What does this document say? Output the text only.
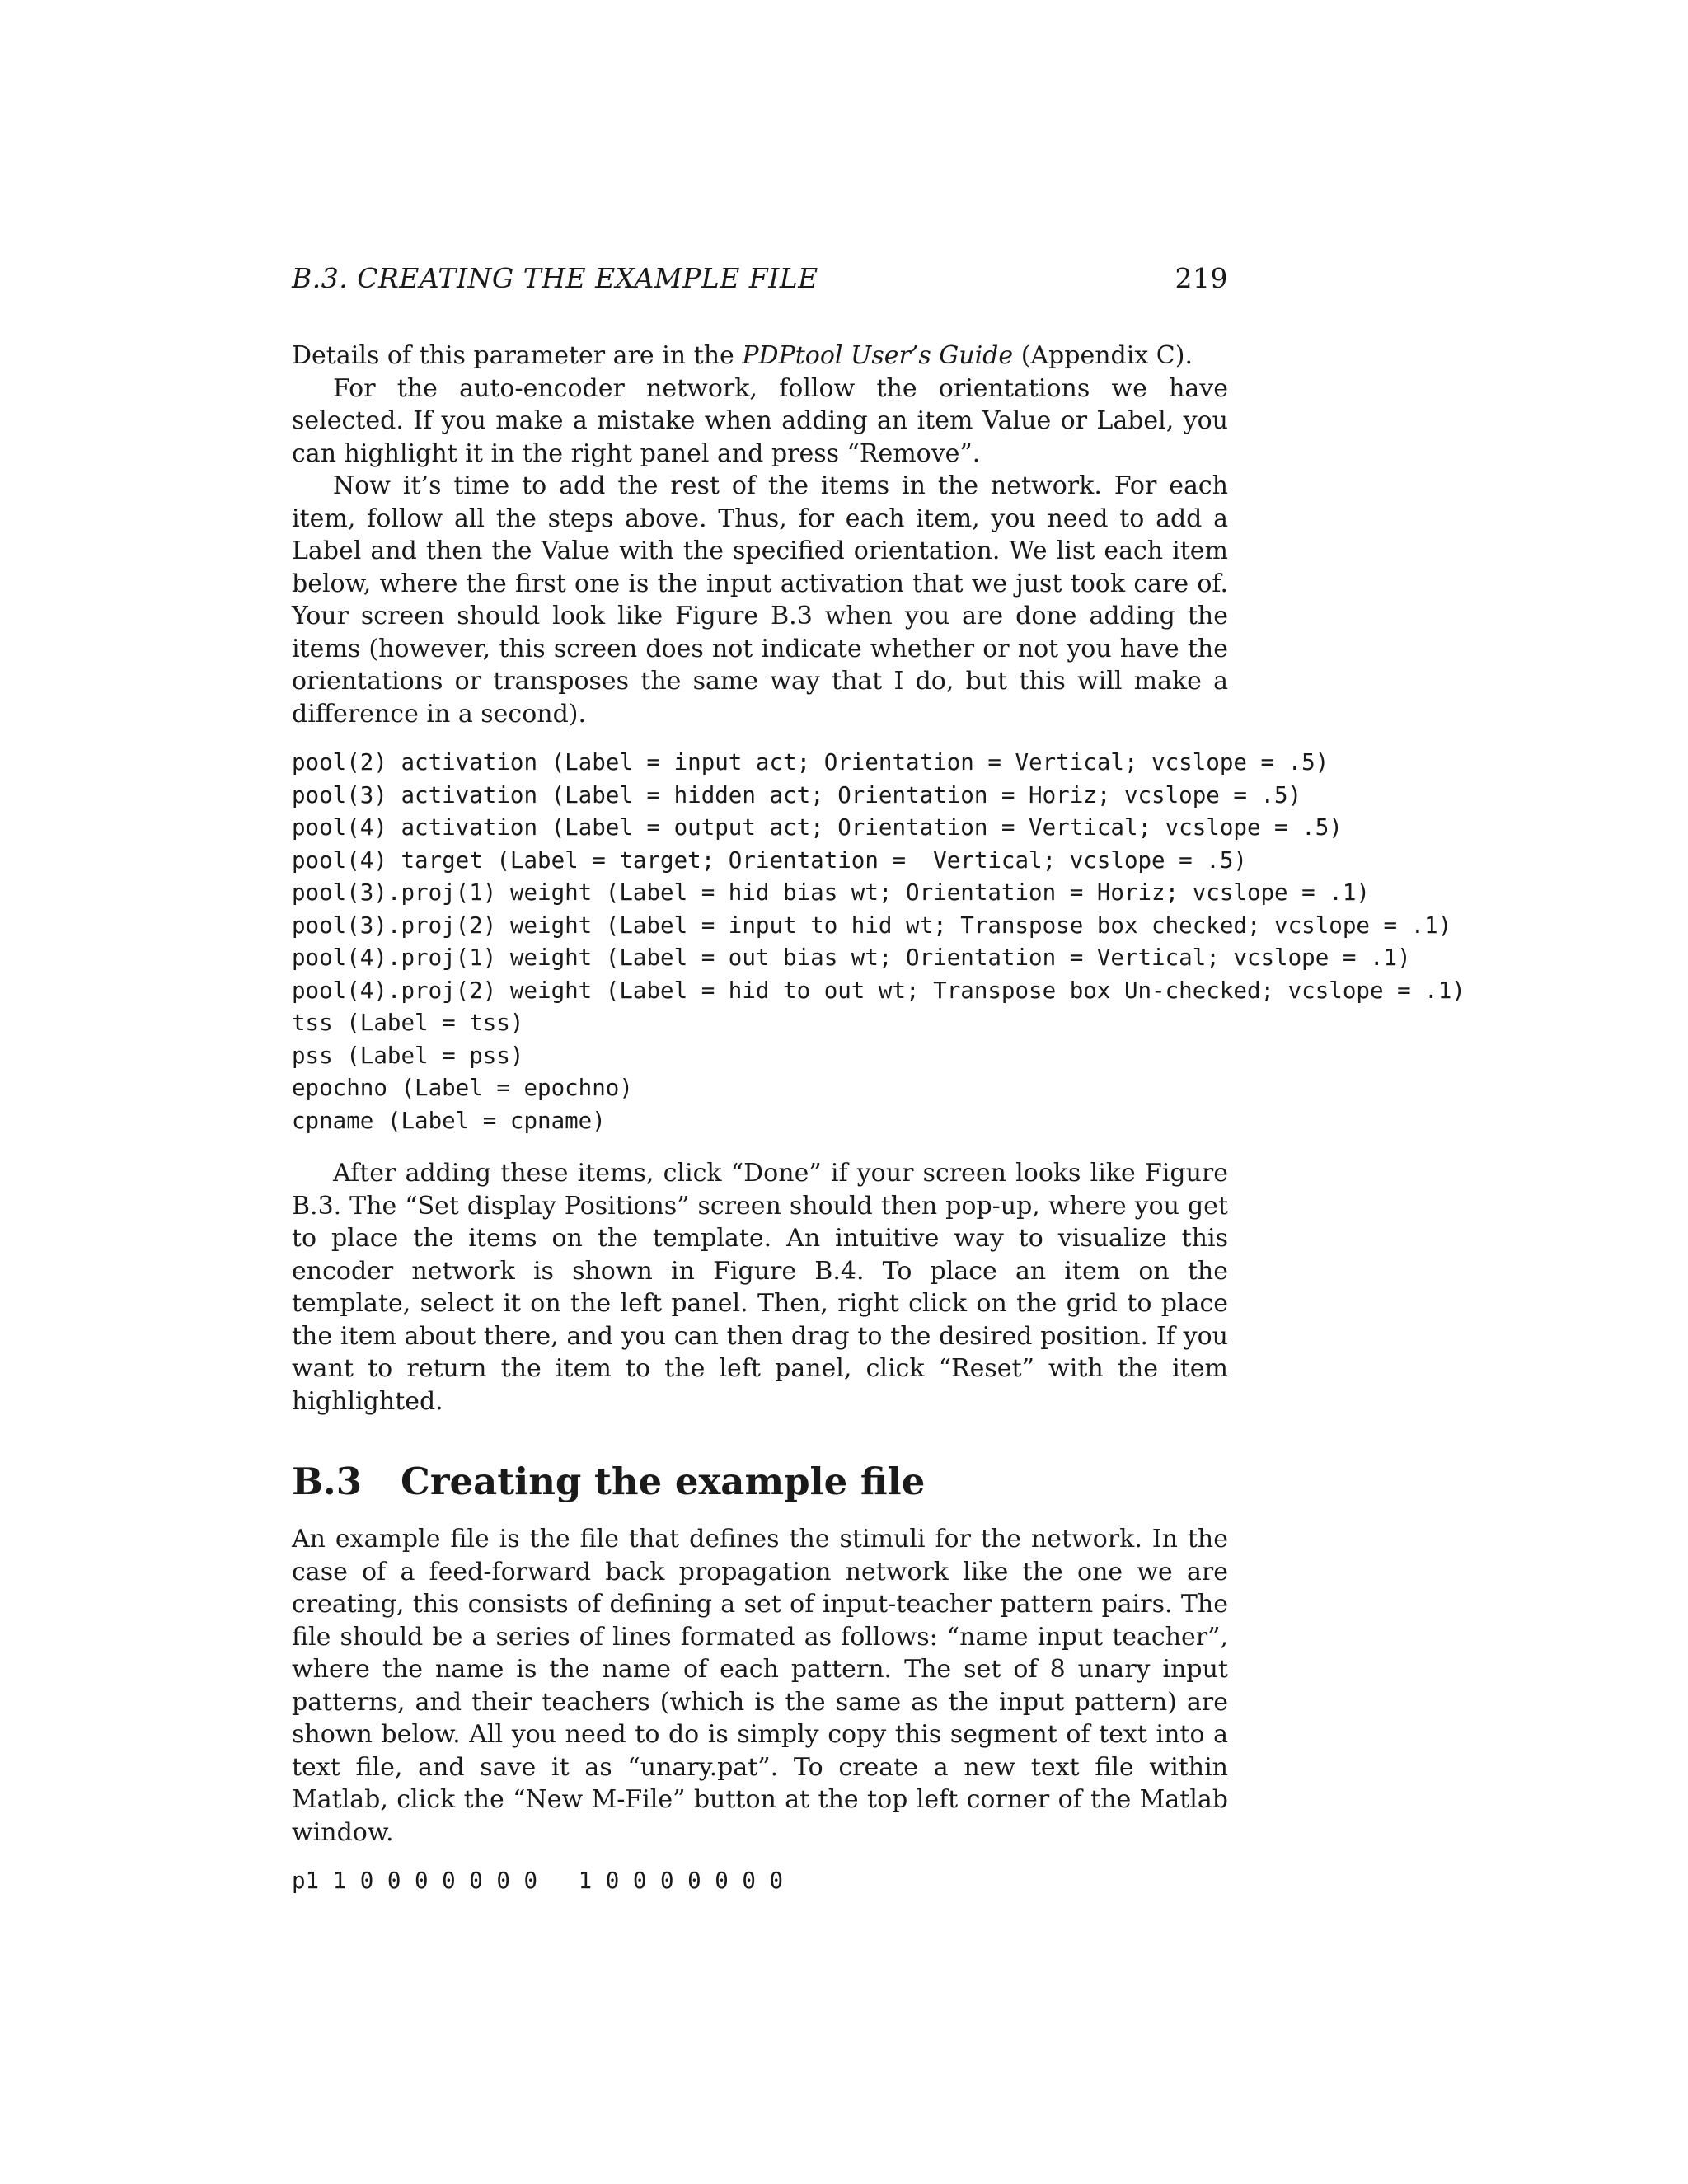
B.3. CREATING THE EXAMPLE FILE	219

Details of this parameter are in the PDPtool User’s Guide (Appendix C).

For the auto-encoder network, follow the orientations we have selected. If you make a mistake when adding an item Value or Label, you can highlight it in the right panel and press “Remove”.

Now it’s time to add the rest of the items in the network. For each item, follow all the steps above. Thus, for each item, you need to add a Label and then the Value with the specified orientation. We list each item below, where the first one is the input activation that we just took care of. Your screen should look like Figure B.3 when you are done adding the items (however, this screen does not indicate whether or not you have the orientations or transposes the same way that I do, but this will make a difference in a second).

pool(2) activation (Label = input act; Orientation = Vertical; vcslope = .5)
pool(3) activation (Label = hidden act; Orientation = Horiz; vcslope = .5)
pool(4) activation (Label = output act; Orientation = Vertical; vcslope = .5)
pool(4) target (Label = target; Orientation =  Vertical; vcslope = .5)
pool(3).proj(1) weight (Label = hid bias wt; Orientation = Horiz; vcslope = .1)
pool(3).proj(2) weight (Label = input to hid wt; Transpose box checked; vcslope = .1)
pool(4).proj(1) weight (Label = out bias wt; Orientation = Vertical; vcslope = .1)
pool(4).proj(2) weight (Label = hid to out wt; Transpose box Un-checked; vcslope = .1)
tss (Label = tss)
pss (Label = pss)
epochno (Label = epochno)
cpname (Label = cpname)

After adding these items, click “Done” if your screen looks like Figure B.3. The “Set display Positions” screen should then pop-up, where you get to place the items on the template. An intuitive way to visualize this encoder network is shown in Figure B.4. To place an item on the template, select it on the left panel. Then, right click on the grid to place the item about there, and you can then drag to the desired position. If you want to return the item to the left panel, click “Reset” with the item highlighted.

B.3 Creating the example file

An example file is the file that defines the stimuli for the network. In the case of a feed-forward back propagation network like the one we are creating, this consists of defining a set of input-teacher pattern pairs. The file should be a series of lines formated as follows: “name input teacher”, where the name is the name of each pattern. The set of 8 unary input patterns, and their teachers (which is the same as the input pattern) are shown below. All you need to do is simply copy this segment of text into a text file, and save it as “unary.pat”. To create a new text file within Matlab, click the “New M-File” button at the top left corner of the Matlab window.

p1 1 0 0 0 0 0 0 0   1 0 0 0 0 0 0 0
